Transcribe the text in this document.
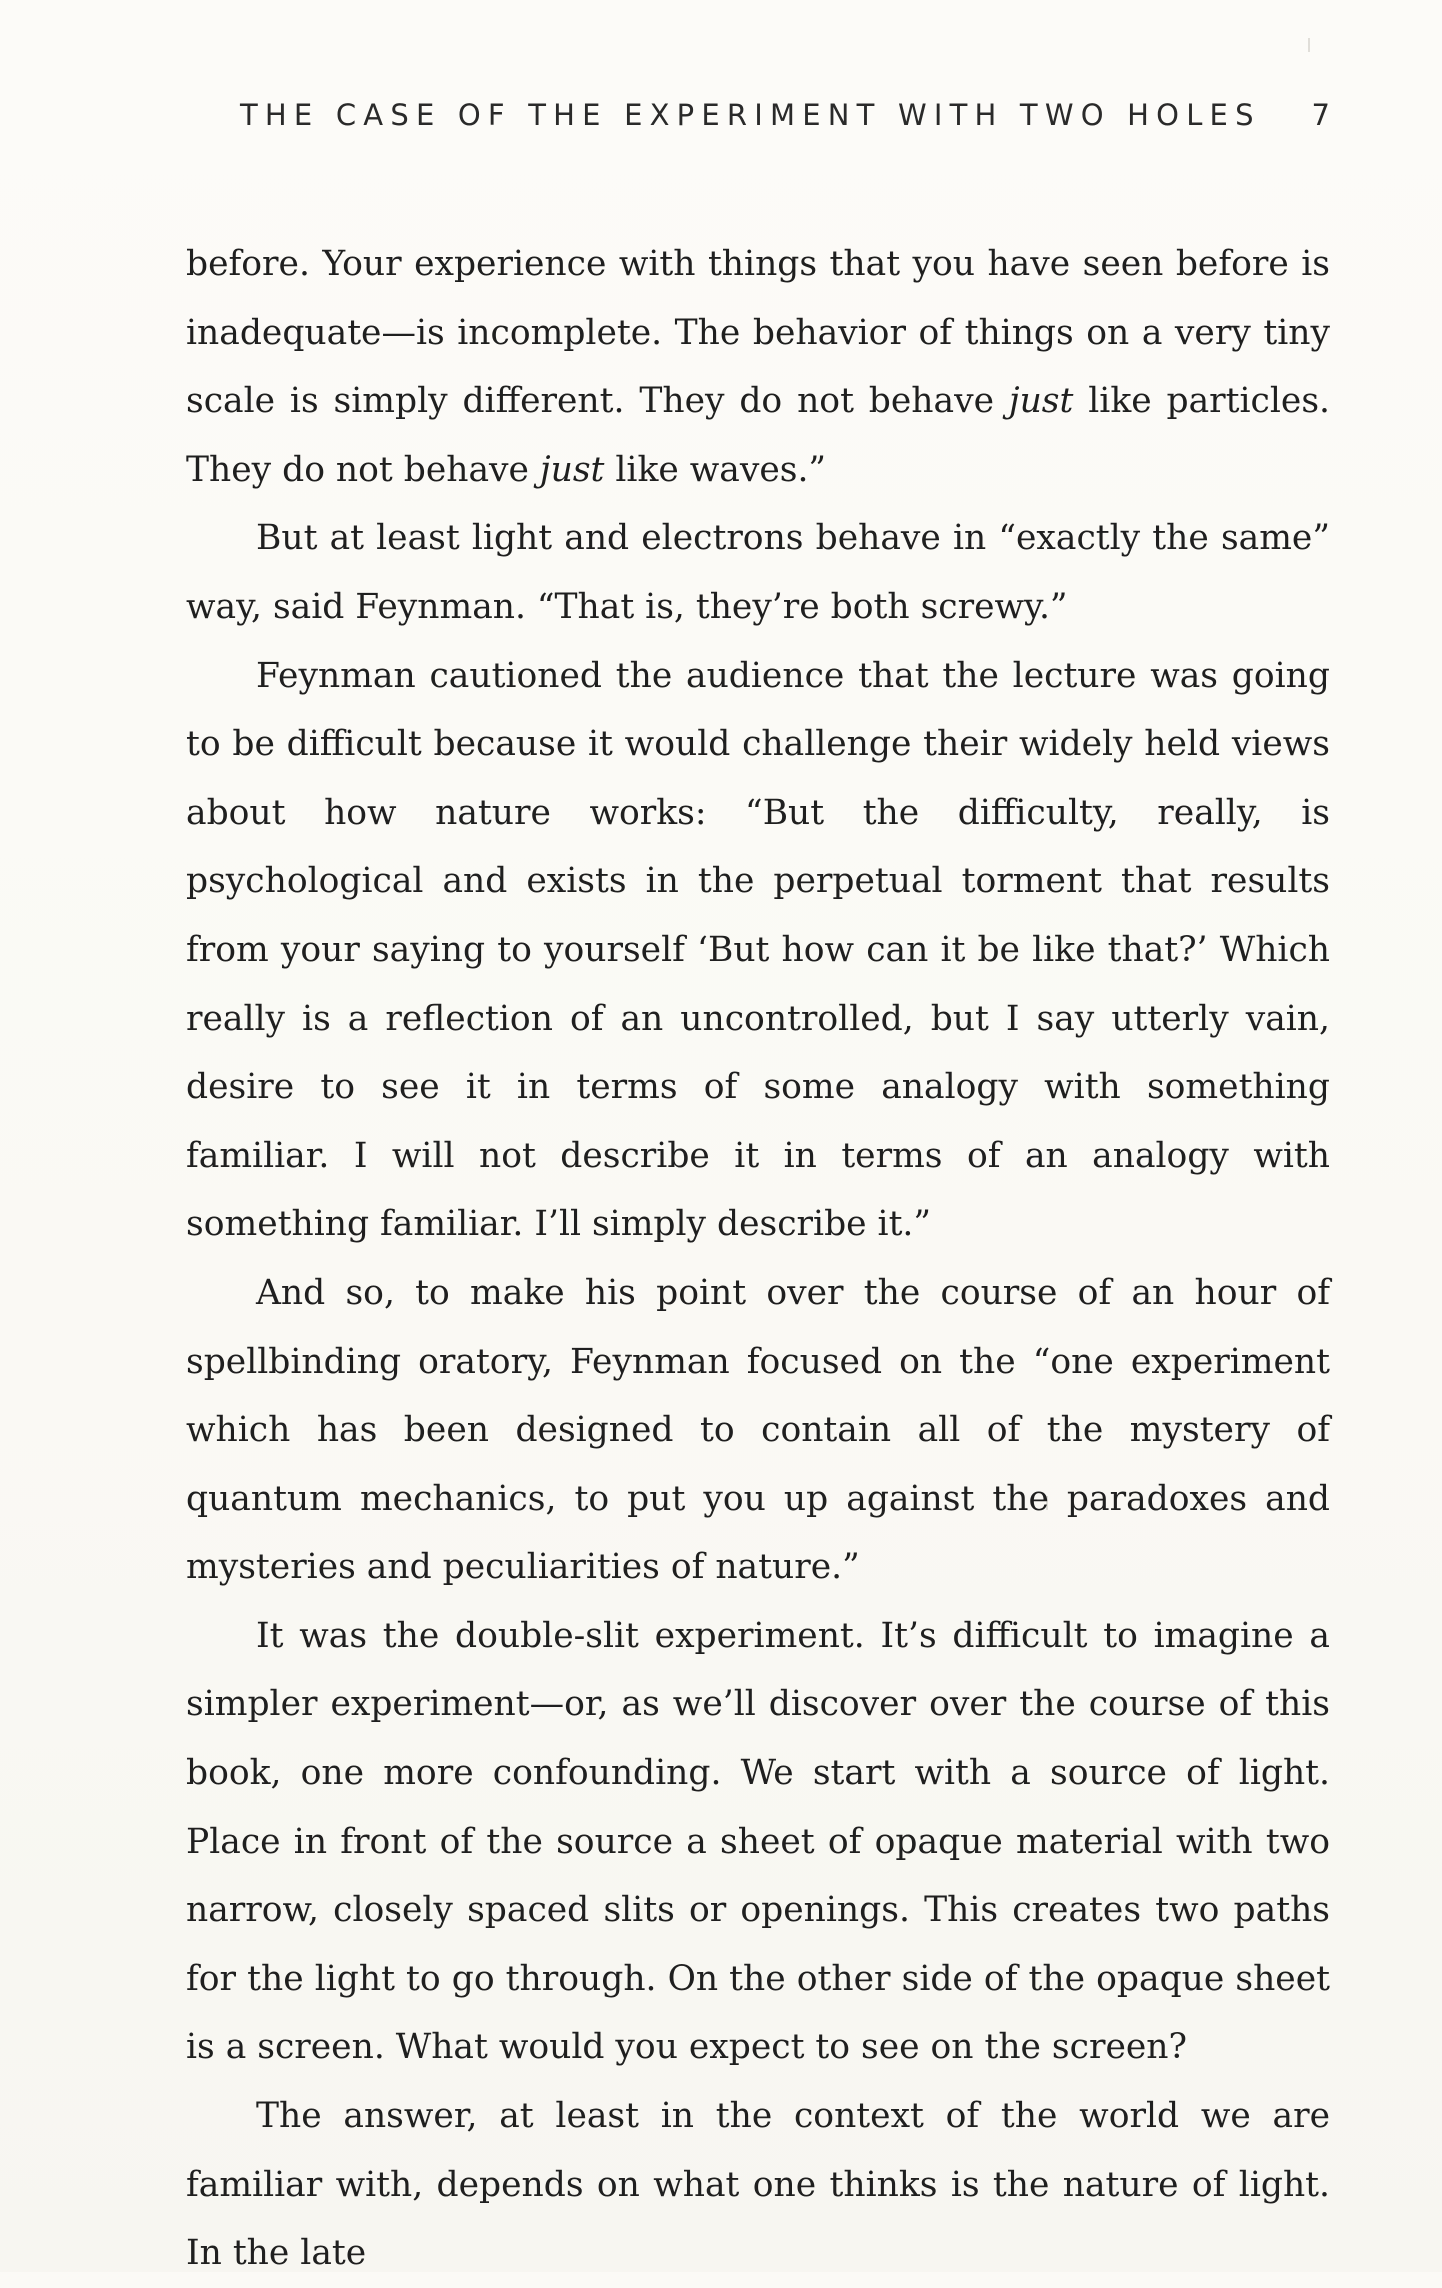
THE CASE OF THE EXPERIMENT WITH TWO HOLES 7

before. Your experience with things that you have seen before is inadequate—is incomplete. The behavior of things on a very tiny scale is simply different. They do not behave just like particles. They do not behave just like waves.”

But at least light and electrons behave in “exactly the same” way, said Feynman. “That is, they’re both screwy.”

Feynman cautioned the audience that the lecture was going to be difficult because it would challenge their widely held views about how nature works: “But the difficulty, really, is psychological and exists in the perpetual torment that results from your saying to yourself ‘But how can it be like that?’ Which really is a reflection of an uncontrolled, but I say utterly vain, desire to see it in terms of some analogy with something familiar. I will not describe it in terms of an analogy with something familiar. I’ll simply describe it.”

And so, to make his point over the course of an hour of spellbinding oratory, Feynman focused on the “one experiment which has been designed to contain all of the mystery of quantum mechanics, to put you up against the paradoxes and mysteries and peculiarities of nature.”

It was the double-slit experiment. It’s difficult to imagine a simpler experiment—or, as we’ll discover over the course of this book, one more confounding. We start with a source of light. Place in front of the source a sheet of opaque material with two narrow, closely spaced slits or openings. This creates two paths for the light to go through. On the other side of the opaque sheet is a screen. What would you expect to see on the screen?

The answer, at least in the context of the world we are familiar with, depends on what one thinks is the nature of light. In the late
